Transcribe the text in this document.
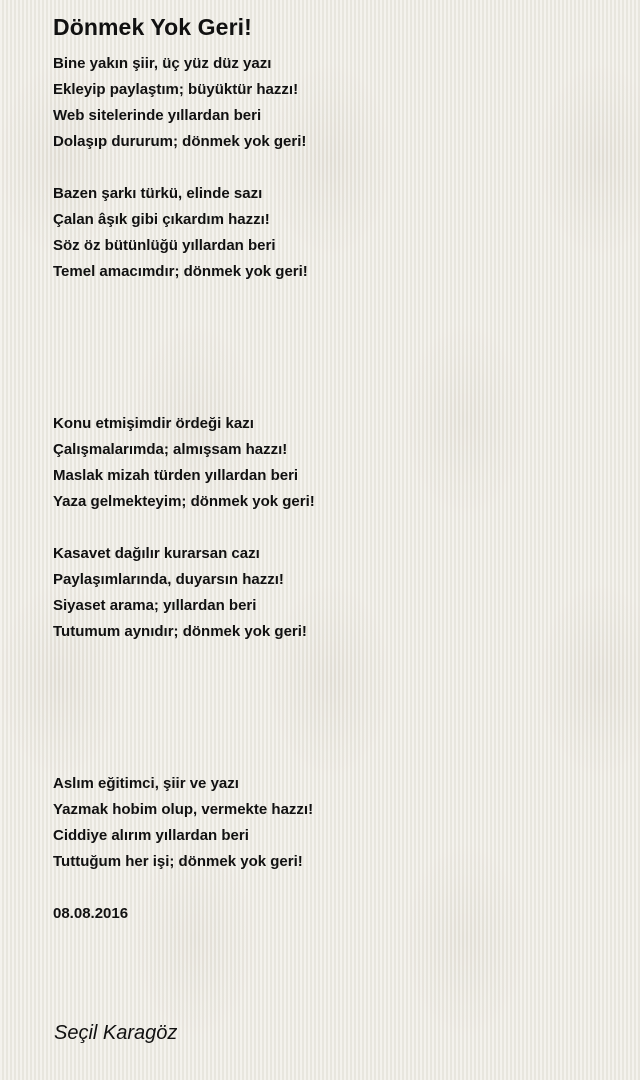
Dönmek Yok Geri!
Bine yakın şiir, üç yüz düz yazı
Ekleyip paylaştım; büyüktür hazzı!
Web sitelerinde yıllardan beri
Dolaşıp dururum; dönmek yok geri!
Bazen şarkı türkü, elinde sazı
Çalan âşık gibi çıkardım hazzı!
Söz öz bütünlüğü yıllardan beri
Temel amacımdır; dönmek yok geri!
Konu etmişimdir ördeği kazı
Çalışmalarımda; almışsam hazzı!
Maslak mizah türden yıllardan beri
Yaza gelmekteyim; dönmek yok geri!
Kasavet dağılır kurarsan cazı
Paylaşımlarında, duyarsın hazzı!
Siyaset arama; yıllardan beri
Tutumum aynıdır; dönmek yok geri!
Aslım eğitimci, şiir ve yazı
Yazmak hobim olup, vermekte hazzı!
Ciddiye alırım yıllardan beri
Tuttuğum her işi; dönmek yok geri!
08.08.2016
Seçil Karagöz
